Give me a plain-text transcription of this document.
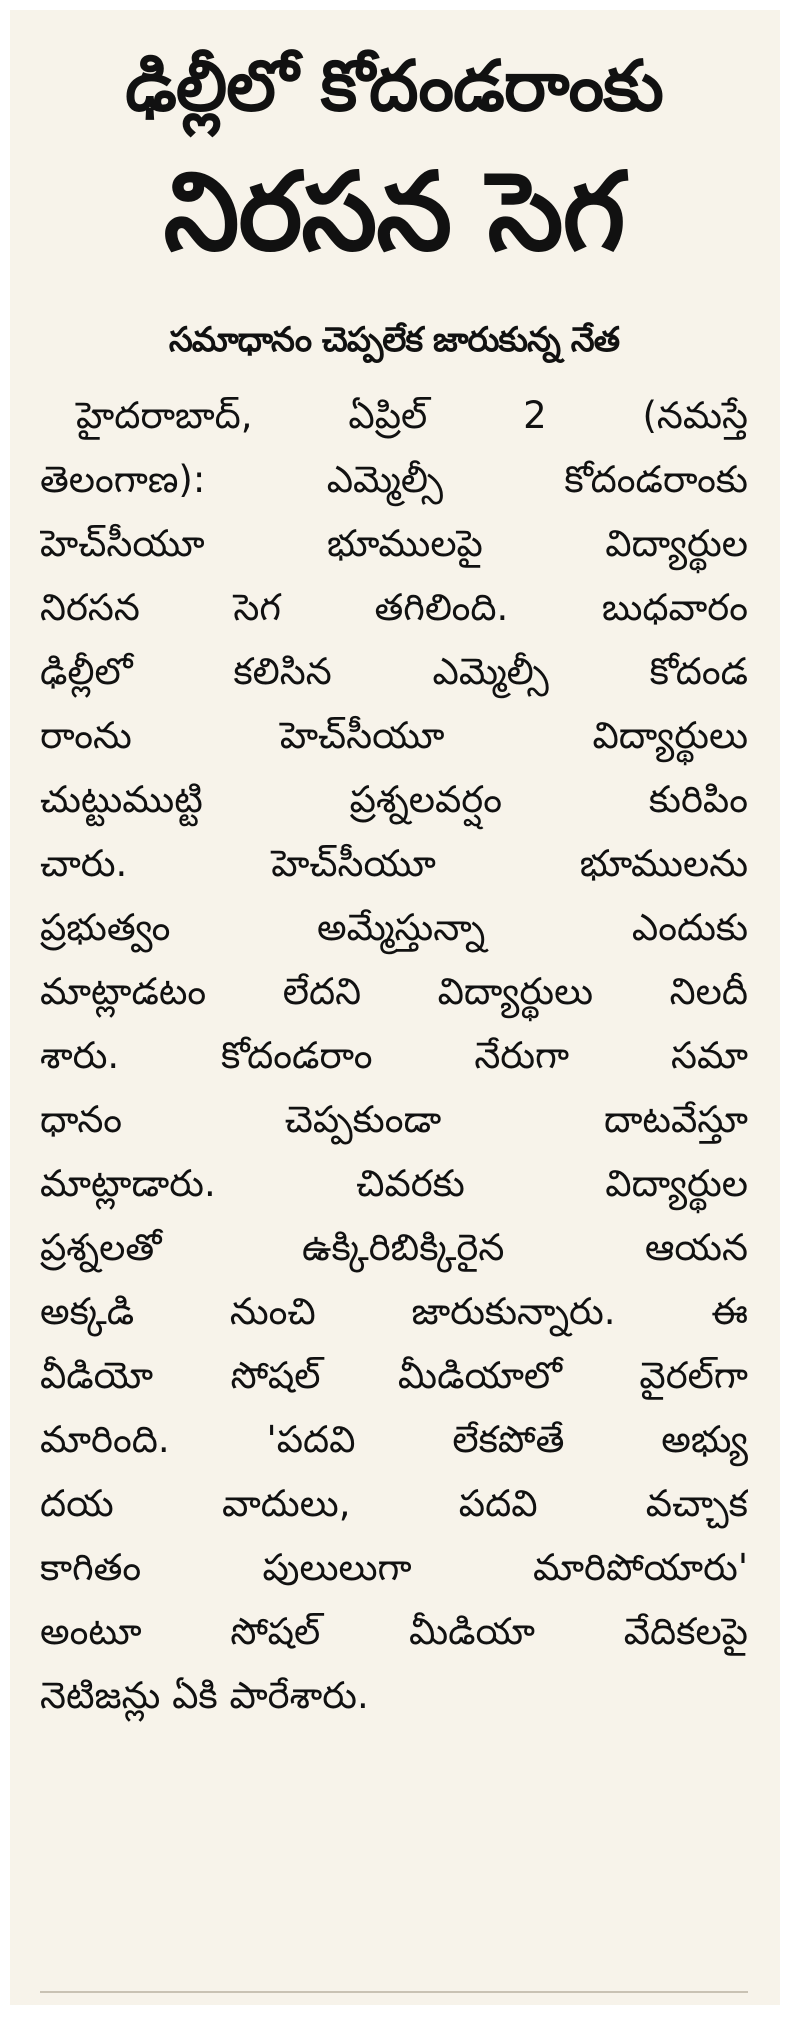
ఢిల్లీలో కోదండరాంకు
నిరసన సెగ
సమాధానం చెప్పలేక జారుకున్న నేత
హైదరాబాద్, ఏప్రిల్ 2 (నమస్తే
తెలంగాణ): ఎమ్మెల్సీ కోదండరాంకు
హెచ్‌సీయూ భూములపై విద్యార్థుల
నిరసన సెగ తగిలింది. బుధవారం
ఢిల్లీలో కలిసిన ఎమ్మెల్సీ కోదండ
రాంను హెచ్‌సీయూ విద్యార్థులు
చుట్టుముట్టి ప్రశ్నలవర్షం కురిపిం
చారు. హెచ్‌సీయూ భూములను
ప్రభుత్వం అమ్మేస్తున్నా ఎందుకు
మాట్లాడటం లేదని విద్యార్థులు నిలదీ
శారు. కోదండరాం నేరుగా సమా
ధానం చెప్పకుండా దాటవేస్తూ
మాట్లాడారు. చివరకు విద్యార్థుల
ప్రశ్నలతో ఉక్కిరిబిక్కిరైన ఆయన
అక్కడి నుంచి జారుకున్నారు. ఈ
వీడియో సోషల్ మీడియాలో వైరల్‌గా
మారింది. 'పదవి లేకపోతే అభ్యు
దయ వాదులు, పదవి వచ్చాక
కాగితం పులులుగా మారిపోయారు'
అంటూ సోషల్ మీడియా వేదికలపై
నెటిజన్లు ఏకి పారేశారు.
